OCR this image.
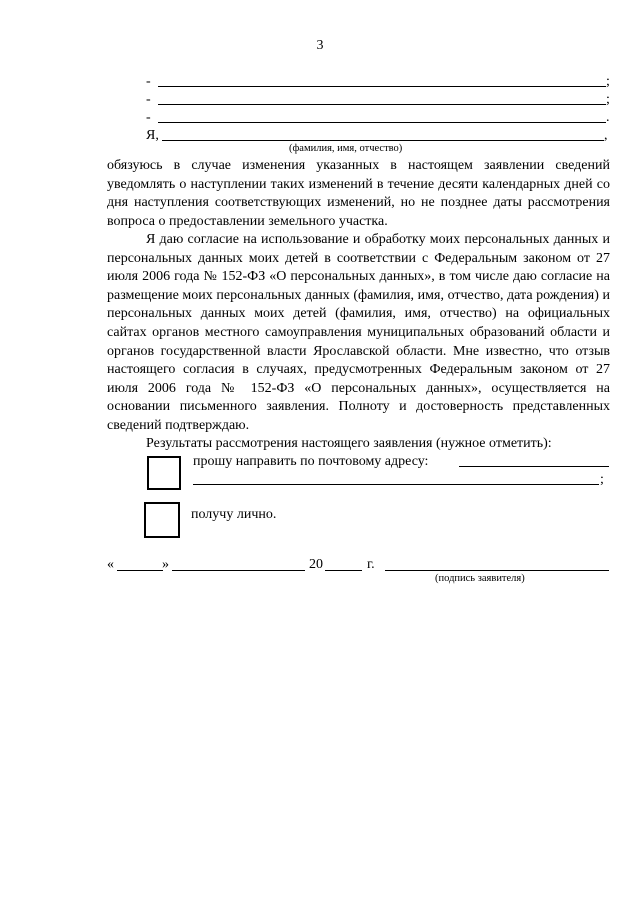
3
-	;
-	;
-	.
Я,	,
(фамилия, имя, отчество)

обязуюсь в случае изменения указанных в настоящем заявлении сведений уведомлять о наступлении таких изменений в течение десяти календарных дней со дня наступления соответствующих изменений, но не позднее даты рассмотрения вопроса о предоставлении земельного участка.

Я даю согласие на использование и обработку моих персональных данных и персональных данных моих детей в соответствии с Федеральным законом от 27 июля 2006 года № 152-ФЗ «О персональных данных», в том числе даю согласие на размещение моих персональных данных (фамилия, имя, отчество, дата рождения) и персональных данных моих детей (фамилия, имя, отчество) на официальных сайтах органов местного самоуправления муниципальных образований области и органов государственной власти Ярославской области. Мне известно, что отзыв настоящего согласия в случаях, предусмотренных Федеральным законом от 27 июля 2006 года № 152-ФЗ «О персональных данных», осуществляется на основании письменного заявления. Полноту и достоверность представленных сведений подтверждаю.

Результаты рассмотрения настоящего заявления (нужное отметить):
прошу направить по почтовому адресу:
;
получу лично.
«	»	20	г.
(подпись заявителя)
